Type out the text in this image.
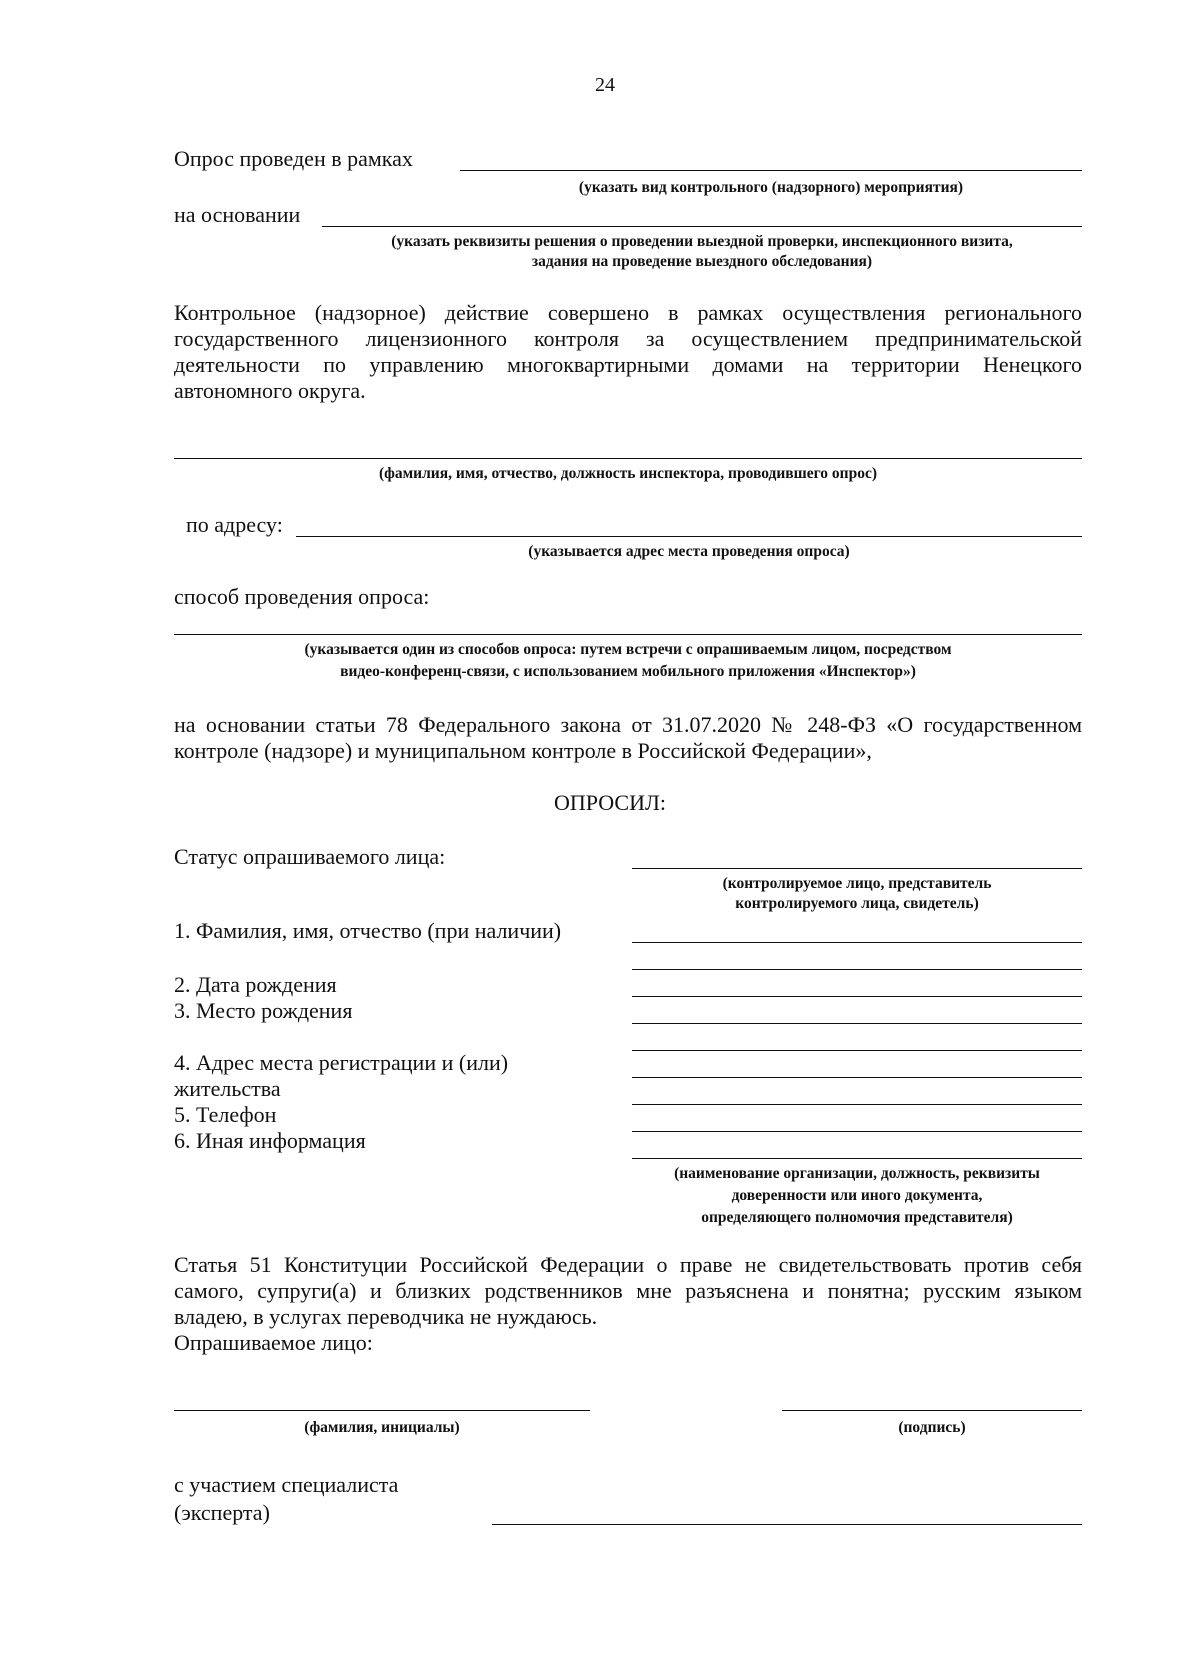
24
Опрос проведен в рамках
(указать вид контрольного (надзорного) мероприятия)
на основании
(указать реквизиты решения о проведении выездной проверки, инспекционного визита,
задания на проведение выездного обследования)
Контрольное (надзорное) действие совершено в рамках осуществления регионального
государственного лицензионного контроля за осуществлением предпринимательской
деятельности по управлению многоквартирными домами на территории Ненецкого
автономного округа.
(фамилия, имя, отчество, должность инспектора, проводившего опрос)
по адресу:
(указывается адрес места проведения опроса)
способ проведения опроса:
(указывается один из способов опроса: путем встречи с опрашиваемым лицом, посредством
видео-конференц-связи, с использованием мобильного приложения «Инспектор»)
на основании статьи 78 Федерального закона от 31.07.2020 № 248-ФЗ «О государственном
контроле (надзоре) и муниципальном контроле в Российской Федерации»,
ОПРОСИЛ:
Статус опрашиваемого лица:
(контролируемое лицо, представитель
контролируемого лица, свидетель)
1. Фамилия, имя, отчество (при наличии)
2. Дата рождения
3. Место рождения
4. Адрес места регистрации и (или)
жительства
5. Телефон
6. Иная информация
(наименование организации, должность, реквизиты
доверенности или иного документа,
определяющего полномочия представителя)
Статья 51 Конституции Российской Федерации о праве не свидетельствовать против себя
самого, супруги(а) и близких родственников мне разъяснена и понятна; русским языком
владею, в услугах переводчика не нуждаюсь.
Опрашиваемое лицо:
(фамилия, инициалы)	(подпись)
с участием специалиста
(эксперта)
